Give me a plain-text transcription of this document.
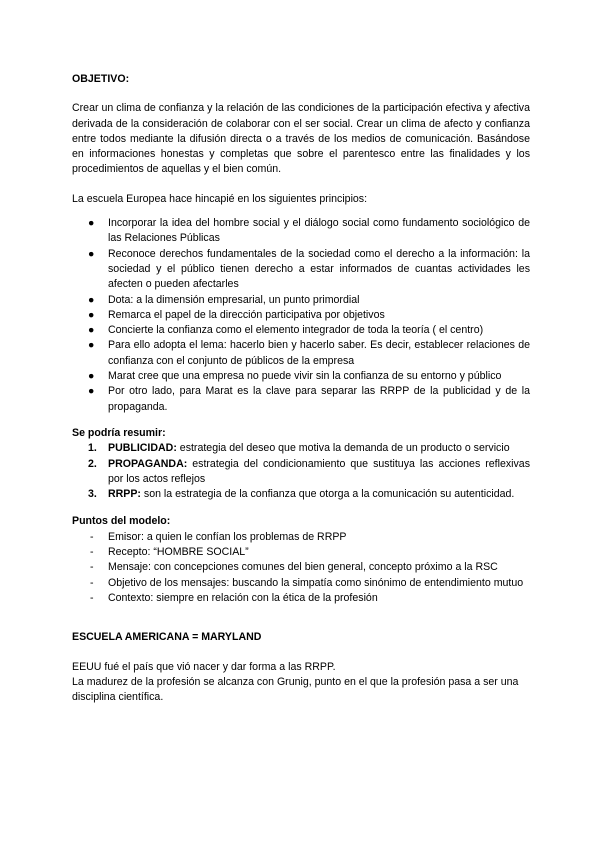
OBJETIVO:

Crear un clima de confianza y la relación de las condiciones de la participación efectiva y afectiva derivada de la consideración de colaborar con el ser social. Crear un clima de afecto y confianza entre todos mediante la difusión directa o a través de los medios de comunicación. Basándose en informaciones honestas y completas que sobre el parentesco entre las finalidades y los procedimientos de aquellas y el bien común.

La escuela Europea hace hincapié en los siguientes principios:

● Incorporar la idea del hombre social y el diálogo social como fundamento sociológico de las Relaciones Públicas
● Reconoce derechos fundamentales de la sociedad como el derecho a la información: la sociedad y el público tienen derecho a estar informados de cuantas actividades les afecten o pueden afectarles
● Dota: a la dimensión empresarial, un punto primordial
● Remarca el papel de la dirección participativa por objetivos
● Concierte la confianza como el elemento integrador de toda la teoría ( el centro)
● Para ello adopta el lema: hacerlo bien y hacerlo saber. Es decir, establecer relaciones de confianza con el conjunto de públicos de la empresa
● Marat cree que una empresa no puede vivir sin la confianza de su entorno y público
● Por otro lado, para Marat es la clave para separar las RRPP de la publicidad y de la propaganda.

Se podría resumir:

1. PUBLICIDAD: estrategia del deseo que motiva la demanda de un producto o servicio
2. PROPAGANDA: estrategia del condicionamiento que sustituya las acciones reflexivas por los actos reflejos
3. RRPP: son la estrategia de la confianza que otorga a la comunicación su autenticidad.

Puntos del modelo:

- Emisor: a quien le confían los problemas de RRPP
- Recepto: “HOMBRE SOCIAL”
- Mensaje: con concepciones comunes del bien general, concepto próximo a la RSC
- Objetivo de los mensajes: buscando la simpatía como sinónimo de entendimiento mutuo
- Contexto: siempre en relación con la ética de la profesión

ESCUELA AMERICANA = MARYLAND

EEUU fué el país que vió nacer y dar forma a las RRPP.

La madurez de la profesión se alcanza con Grunig, punto en el que la profesión pasa a ser una disciplina científica.
